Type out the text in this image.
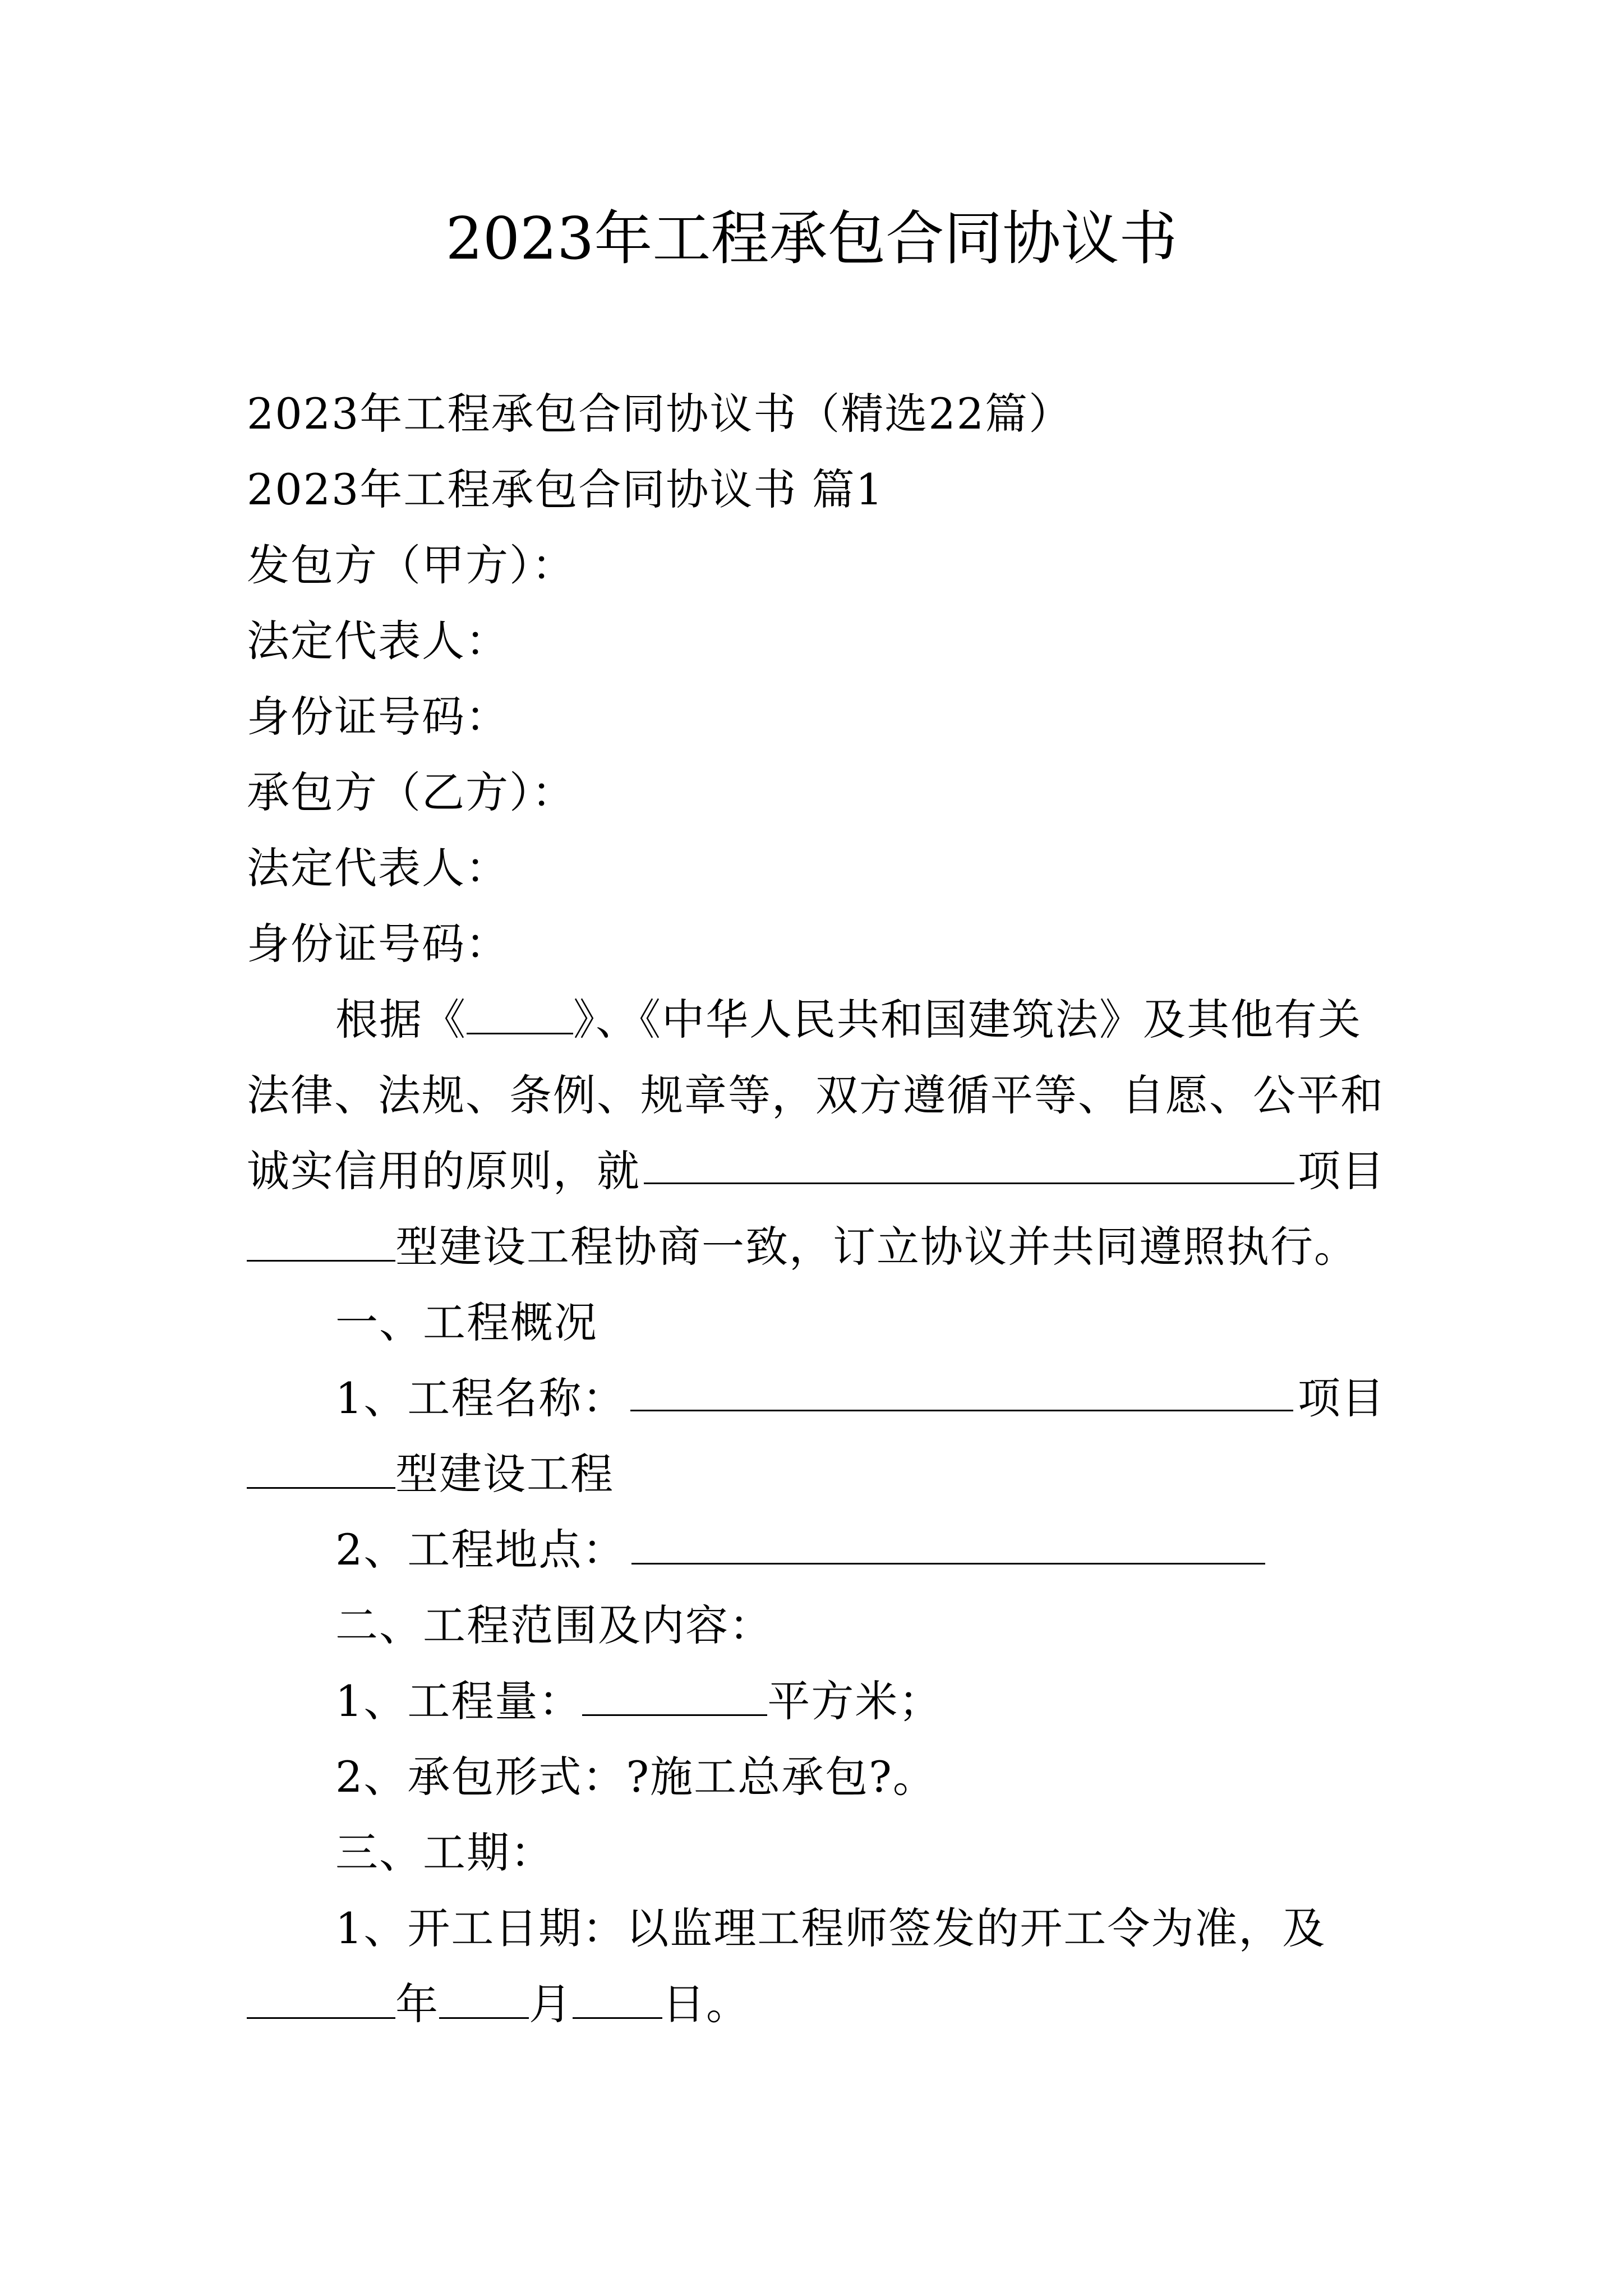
2023年工程承包合同协议书
2023年工程承包合同协议书（精选22篇）
2023年工程承包合同协议书 篇1
发包方（甲方）：
法定代表人：
身份证号码：
承包方（乙方）：
法定代表人：
身份证号码：
根据《	》、《中华人民共和国建筑法》及其他有关
法律、法规、条例、规章等，双方遵循平等、自愿、公平和
诚实信用的原则，就	项目
型建设工程协商一致，订立协议并共同遵照执行。
一、工程概况
1、工程名称：	项目
型建设工程
2、工程地点：
二、工程范围及内容：
1、工程量：	平方米；
2、承包形式：?施工总承包?。
三、工期：
1、开工日期：以监理工程师签发的开工令为准，及
年 月 日。
